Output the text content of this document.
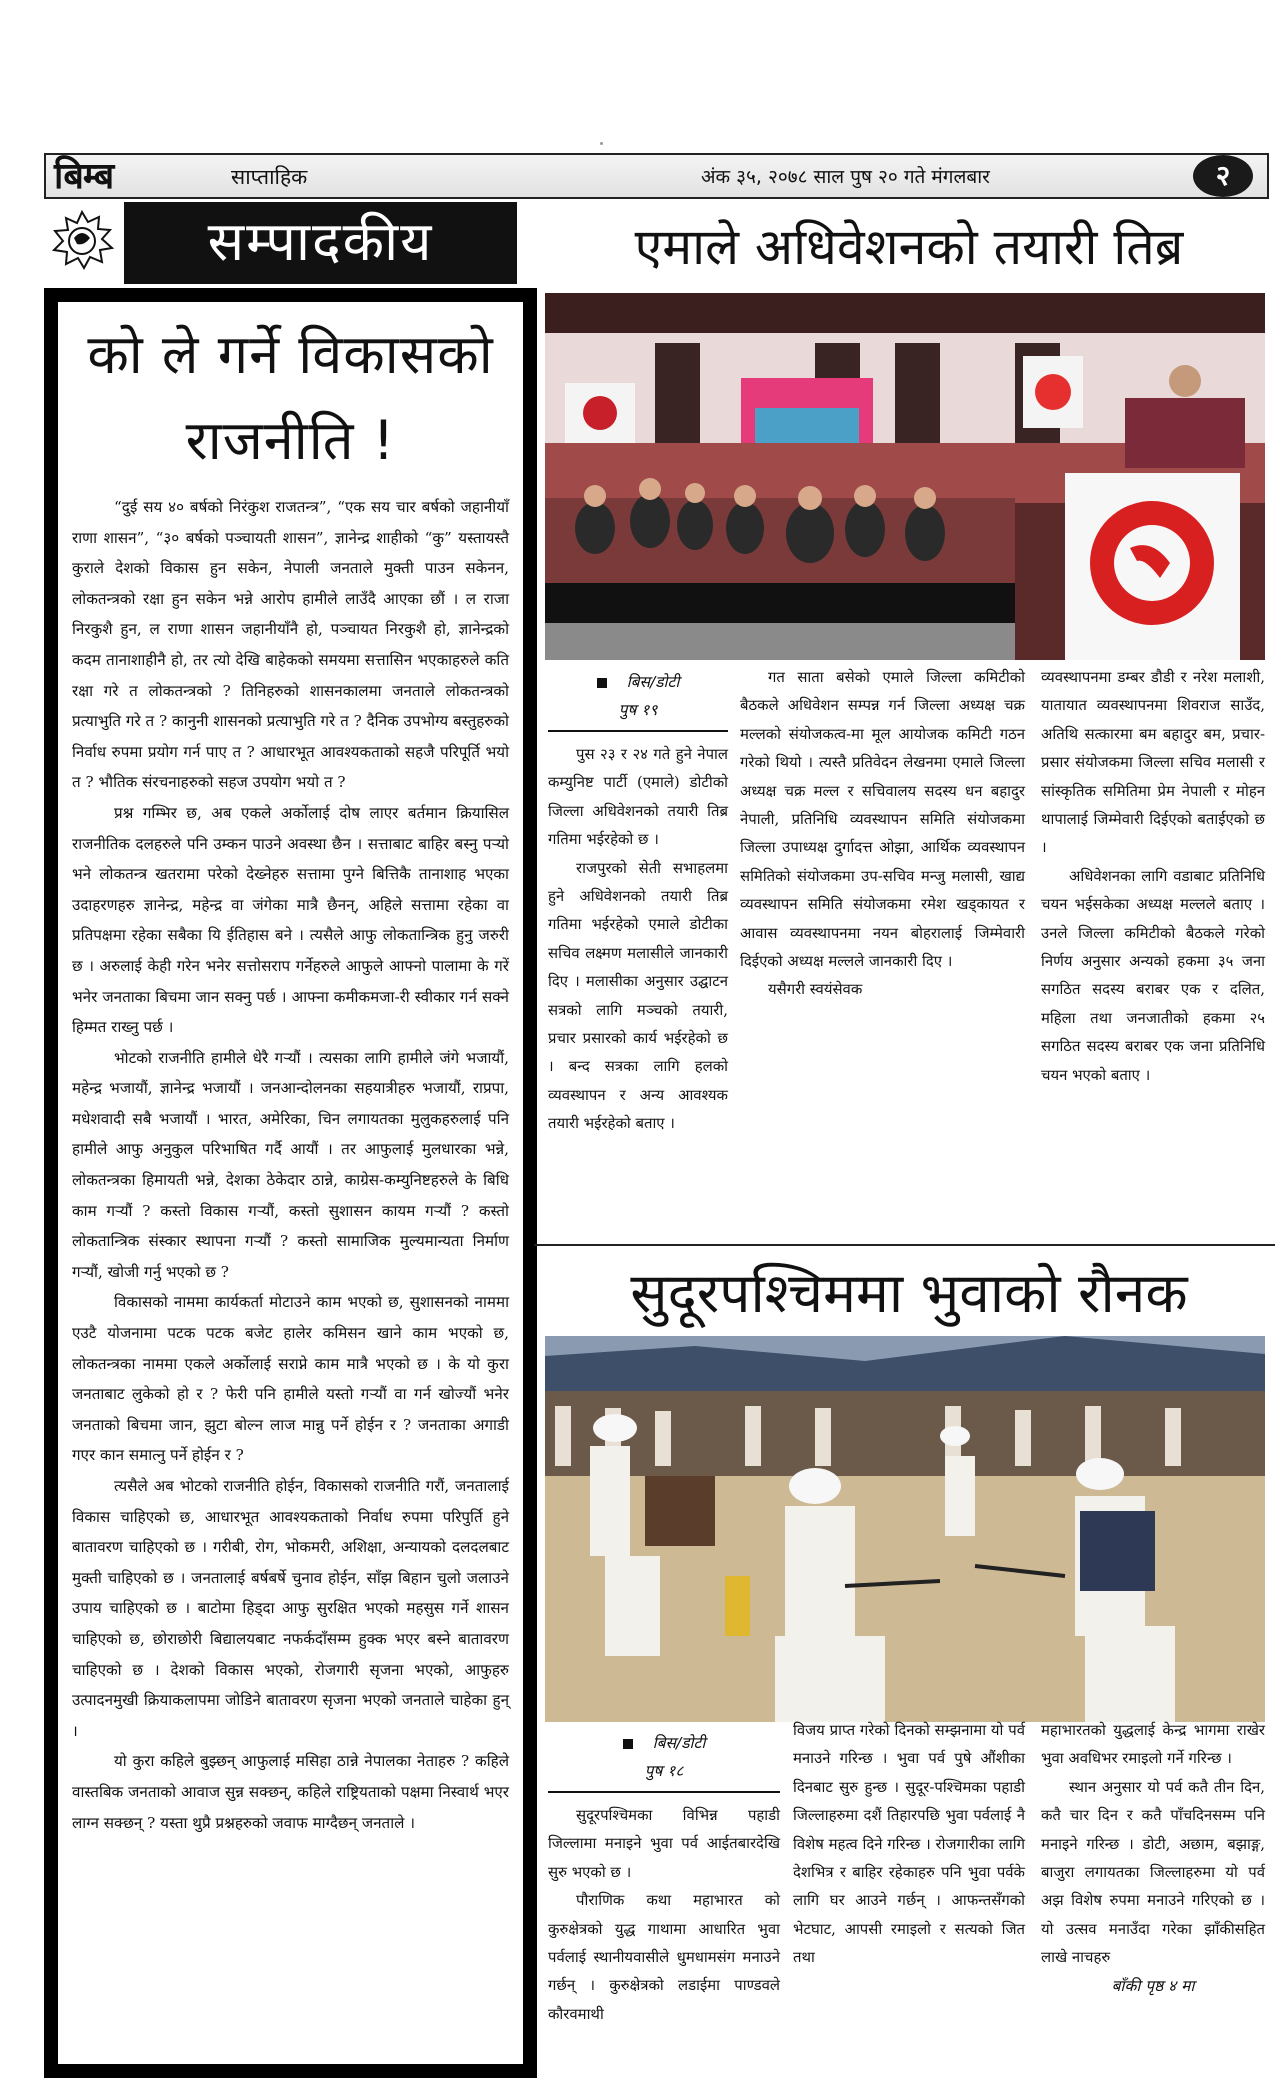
बिम्ब	साप्ताहिक	अंक ३५, २०७८ साल पुष २० गते मंगलबार	२
सम्पादकीय
को ले गर्ने विकासको
राजनीति !

“दुई सय ४० बर्षको निरंकुश राजतन्त्र”, “एक सय चार बर्षको जहानीयाँ राणा शासन”, “३० बर्षको पञ्चायती शासन”, ज्ञानेन्द्र शाहीको “कु” यस्तायस्तै कुराले देशको विकास हुन सकेन, नेपाली जनताले मुक्ती पाउन सकेनन, लोकतन्त्रको रक्षा हुन सकेन भन्ने आरोप हामीले लाउँदै आएका छौं । ल राजा निरकुशै हुन, ल राणा शासन जहानीयाँनै हो, पञ्चायत निरकुशै हो, ज्ञानेन्द्रको कदम तानाशाहीनै हो, तर त्यो देखि बाहेकको समयमा सत्तासिन भएकाहरुले कति रक्षा गरे त लोकतन्त्रको ? तिनिहरुको शासनकालमा जनताले लोकतन्त्रको प्रत्याभुति गरे त ? कानुनी शासनको प्रत्याभुति गरे त ? दैनिक उपभोग्य बस्तुहरुको निर्वाध रुपमा प्रयोग गर्न पाए त ? आधारभूत आवश्यकताको सहजै परिपूर्ति भयो त ? भौतिक संरचनाहरुको सहज उपयोग भयो त ?

प्रश्न गम्भिर छ, अब एकले अर्कोलाई दोष लाएर बर्तमान क्रियासिल राजनीतिक दलहरुले पनि उम्कन पाउने अवस्था छैन । सत्ताबाट बाहिर बस्नु पऱ्यो भने लोकतन्त्र खतरामा परेको देख्नेहरु सत्तामा पुग्ने बित्तिकै तानाशाह भएका उदाहरणहरु ज्ञानेन्द्र, महेन्द्र वा जंगेका मात्रै छैनन्, अहिले सत्तामा रहेका वा प्रतिपक्षमा रहेका सबैका यि ईतिहास बने । त्यसैले आफु लोकतान्त्रिक हुनु जरुरी छ । अरुलाई केही गरेन भनेर सत्तोसराप गर्नेहरुले आफुले आफ्नो पालामा के गरें भनेर जनताका बिचमा जान सक्नु पर्छ । आफ्ना कमीकमजा-री स्वीकार गर्न सक्ने हिम्मत राख्नु पर्छ ।

भोटको राजनीति हामीले धेरै गऱ्यौं । त्यसका लागि हामीले जंगे भजायौं, महेन्द्र भजायौं, ज्ञानेन्द्र भजायौं । जनआन्दोलनका सहयात्रीहरु भजायौं, राप्रपा, मधेशवादी सबै भजायौं । भारत, अमेरिका, चिन लगायतका मुलुकहरुलाई पनि हामीले आफु अनुकुल परिभाषित गर्दै आयौं । तर आफुलाई मुलधारका भन्ने, लोकतन्त्रका हिमायती भन्ने, देशका ठेकेदार ठान्ने, काग्रेस-कम्युनिष्टहरुले के बिधि काम गऱ्यौं ? कस्तो विकास गऱ्यौं, कस्तो सुशासन कायम गऱ्यौं ? कस्तो लोकतान्त्रिक संस्कार स्थापना गऱ्यौं ? कस्तो सामाजिक मुल्यमान्यता निर्माण गऱ्यौं, खोजी गर्नु भएको छ ?

विकासको नाममा कार्यकर्ता मोटाउने काम भएको छ, सुशासनको नाममा एउटै योजनामा पटक पटक बजेट हालेर कमिसन खाने काम भएको छ, लोकतन्त्रका नाममा एकले अर्कोलाई सराप्ने काम मात्रै भएको छ । के यो कुरा जनताबाट लुकेको हो र ? फेरी पनि हामीले यस्तो गऱ्यौं वा गर्न खोज्यौं भनेर जनताको बिचमा जान, झुटा बोल्न लाज मान्नु पर्ने होईन र ? जनताका अगाडी गएर कान समात्नु पर्ने होईन र ?

त्यसैले अब भोटको राजनीति होईन, विकासको राजनीति गरौं, जनतालाई विकास चाहिएको छ, आधारभूत आवश्यकताको निर्वाध रुपमा परिपुर्ति हुने बातावरण चाहिएको छ । गरीबी, रोग, भोकमरी, अशिक्षा, अन्यायको दलदलबाट मुक्ती चाहिएको छ । जनतालाई बर्षबर्षे चुनाव होईन, साँझ बिहान चुलो जलाउने उपाय चाहिएको छ । बाटोमा हिड्दा आफु सुरक्षित भएको महसुस गर्ने शासन चाहिएको छ, छोराछोरी बिद्यालयबाट नफर्कदाँसम्म हुक्क भएर बस्ने बातावरण चाहिएको छ । देशको विकास भएको, रोजगारी सृजना भएको, आफुहरु उत्पादनमुखी क्रियाकलापमा जोडिने बातावरण सृजना भएको जनताले चाहेका हुन् ।

यो कुरा कहिले बुझ्छन् आफुलाई मसिहा ठान्ने नेपालका नेताहरु ? कहिले वास्तबिक जनताको आवाज सुन्न सक्छन्, कहिले राष्ट्रियताको पक्षमा निस्वार्थ भएर लाग्न सक्छन् ? यस्ता थुप्रै प्रश्नहरुको जवाफ माग्दैछन् जनताले ।

एमाले अधिवेशनको तयारी तिब्र
बिस/डोटी
पुष १९

पुस २३ र २४ गते हुने नेपाल कम्युनिष्ट पार्टी (एमाले) डोटीको जिल्ला अधिवेशनको तयारी तिब्र गतिमा भईरहेको छ ।

राजपुरको सेती सभाहलमा हुने अधिवेशनको तयारी तिब्र गतिमा भईरहेको एमाले डोटीका सचिव लक्ष्मण मलासीले जानकारी दिए । मलासीका अनुसार उद्घाटन सत्रको लागि मञ्चको तयारी, प्रचार प्रसारको कार्य भईरहेको छ । बन्द सत्रका लागि हलको व्यवस्थापन र अन्य आवश्यक तयारी भईरहेको बताए ।

गत साता बसेको एमाले जिल्ला कमिटीको बैठकले अधिवेशन सम्पन्न गर्न जिल्ला अध्यक्ष चक्र मल्लको संयोजकत्व-मा मूल आयोजक कमिटी गठन गरेको थियो । त्यस्तै प्रतिवेदन लेखनमा एमाले जिल्ला अध्यक्ष चक्र मल्ल र सचिवालय सदस्य धन बहादुर नेपाली, प्रतिनिधि व्यवस्थापन समिति संयोजकमा जिल्ला उपाध्यक्ष दुर्गादत्त ओझा, आर्थिक व्यवस्थापन समितिको संयोजकमा उप-सचिव मन्जु मलासी, खाद्य व्यवस्थापन समिति संयोजकमा रमेश खड्कायत र आवास व्यवस्थापनमा नयन बोहरालाई जिम्मेवारी दिईएको अध्यक्ष मल्लले जानकारी दिए ।

यसैगरी स्वयंसेवक

व्यवस्थापनमा डम्बर डौडी र नरेश मलाशी, यातायात व्यवस्थापनमा शिवराज साउँद, अतिथि सत्कारमा बम बहादुर बम, प्रचार-प्रसार संयोजकमा जिल्ला सचिव मलासी र सांस्कृतिक समितिमा प्रेम नेपाली र मोहन थापालाई जिम्मेवारी दिईएको बताईएको छ ।

अधिवेशनका लागि वडाबाट प्रतिनिधि चयन भईसकेका अध्यक्ष मल्लले बताए । उनले जिल्ला कमिटीको बैठकले गरेको निर्णय अनुसार अन्यको हकमा ३५ जना सगठित सदस्य बराबर एक र दलित, महिला तथा जनजातीको हकमा २५ सगठित सदस्य बराबर एक जना प्रतिनिधि चयन भएको बताए ।

सुदूरपश्चिममा भुवाको रौनक
बिस/डोटी
पुष १८

सुदूरपश्चिमका विभिन्न पहाडी जिल्लामा मनाइने भुवा पर्व आईतबारदेखि सुरु भएको छ ।

पौराणिक कथा महाभारत को कुरुक्षेत्रको युद्ध गाथामा आधारित भुवा पर्वलाई स्थानीयवासीले धुमधामसंग मनाउने गर्छन् । कुरुक्षेत्रको लडाईमा पाण्डवले कौरवमाथी

विजय प्राप्त गरेको दिनको सम्झनामा यो पर्व मनाउने गरिन्छ । भुवा पर्व पुषे औंशीका दिनबाट सुरु हुन्छ । सुदूर-पश्चिमका पहाडी जिल्लाहरुमा दशैं तिहारपछि भुवा पर्वलाई नै विशेष महत्व दिने गरिन्छ । रोजगारीका लागि देशभित्र र बाहिर रहेकाहरु पनि भुवा पर्वके लागि घर आउने गर्छन् । आफन्तसँगको भेटघाट, आपसी रमाइलो र सत्यको जित तथा

महाभारतको युद्धलाई केन्द्र भागमा राखेर भुवा अवधिभर रमाइलो गर्ने गरिन्छ ।

स्थान अनुसार यो पर्व कतै तीन दिन, कतै चार दिन र कतै पाँचदिनसम्म पनि मनाइने गरिन्छ । डोटी, अछाम, बझाङ्ग, बाजुरा लगायतका जिल्लाहरुमा यो पर्व अझ विशेष रुपमा मनाउने गरिएको छ । यो उत्सव मनाउँदा गरेका झाँकीसहित लाखे नाचहरु

बाँकी पृष्ठ ४ मा
